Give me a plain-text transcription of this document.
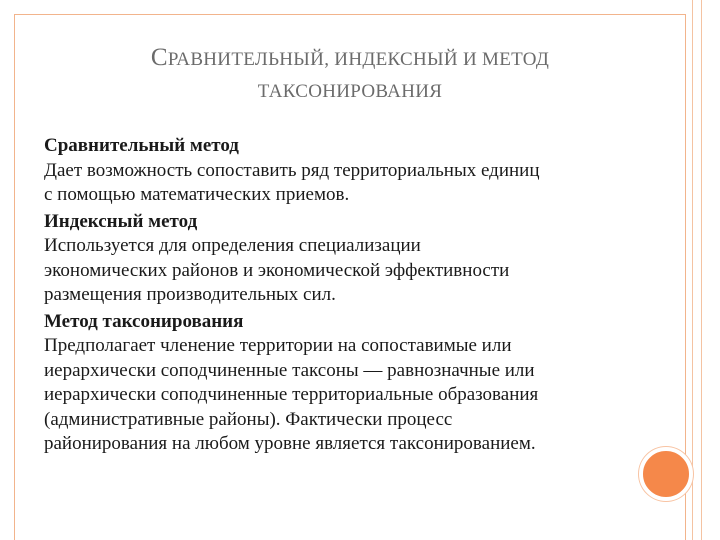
СРАВНИТЕЛЬНЫЙ, ИНДЕКСНЫЙ И МЕТОД
ТАКСОНИРОВАНИЯ

Сравнительный метод

Дает возможность сопоставить ряд территориальных единиц

с помощью математических приемов.

Индексный метод

Используется для определения специализации

экономических районов и экономической эффективности

размещения производительных сил.

Метод таксонирования

Предполагает членение территории на сопоставимые или

иерархически соподчиненные таксоны — равнозначные или

иерархически соподчиненные территориальные образования

(административные районы). Фактически процесс

районирования на любом уровне является таксонированием.
